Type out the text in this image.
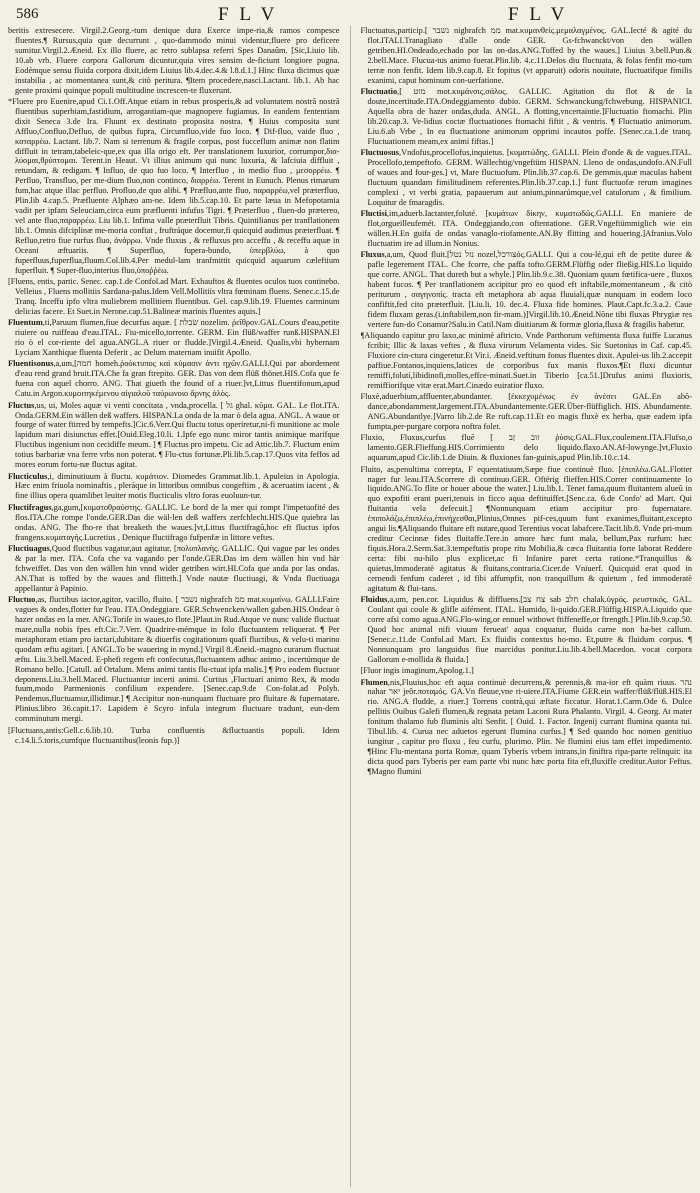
586	F L V	F L V

beritis extresecere. Virgil.2.Georg.-tum denique dura Exerce impe-ria,& ramos compesce fluentes.¶ Rursus,quia quæ decurrunt , quo-dammodo minui videntur,fluere pro deficere sumitur.Virgil.2.Æneid. Ex illo fluere, ac retro sublapsa referri Spes Danaûm. [Sic,Liuio lib. 10.ab vrb. Fluere corpora Gallorum dicuntur,quia vires sensim de-ficiunt longiore pugna. Eodémque sensu fluida corpora dixit,idem Liuius lib.4.dec.4.& l.8.d.1.] Hinc fluxa dicimus quæ instabilia , ac momentanea sunt,& citò peritura. ¶Item procedere,nasci.Lactant. lib.1. Ab hac gente proximi quinque populi multitudine increscen-te fluxerunt.

*Fluere pro Euenire,apud Ci.1.Off.Atque etiam in rebus prosperis,& ad voluntatem nostrã nostrã fluentibus superbiam,fastidium, arrogantiam-que magnopere fugiamus. In eandem fententiam dixit Seneca 3.de Ira. Fluunt ex destinato proposita nostra. ¶ Huius composita sunt Affluo,Confluo,Defluo, de quibus fupra, Circumfluo,vide fuo loco. ¶ Dif-fluo, vaide fluo , καταρρέω. Lactant. lib.7. Nam si terrenum & fragile corpus, post fucceflum animæ non flatim diffluit in tetram,tabeleic-que,ex qua illa origo eft. Per translationem luxurior, corrumpor,δια-λύομαι,θρύπτομαι. Terent.in Heaut. Vt illius animum qui nunc luxuria, & lafciuia diffluit , retundam, & redigam. ¶ Influo, de quo fuo loco. ¶ Interfluo , in medio fluo , μεσορρέω. ¶ Perfluo, Transfluo, per me-dium fluo,non continco, διαρρέω. Terent in Eunuch. Plenus rimarum fum,hac atque illac perfluo. Profluo,de quo alibi. ¶ Præfluo,ante fluo, παραρρέω,vel præterfluo, Plin.lib 4.cap.5. Præfluente Alphæo am-ne. Idem lib.5.cap.10. Et parte læua in Mefopotamia vadit per ipfam Seleuciam,circa eum præfluenti infufus Tigri. ¶ Præterfluo , fluen-do prætereo, vel ante fluo,παραρρέω. Liu lib.1. Infima valle præterfluit Tibris. Quintilianus per tranflationem lib.1. Omnis difciplinæ me-moria conftat , fruftráque docemur,fi quicquid audimus præterfluat. ¶ Refluo,retro fiue rurfus fluo, ἀνάρρω. Vnde fluxus , & refluxus pro acceffu , & receffu aquæ in Oceani æftuariis. ¶ Superfluo, fupera-bundo, ὑπερβλύω, à quo fuperfluus,fuperflua,fluum.Col.lib.4.Per medul-lam tranfmittit quicquid aquarum cæleftium fuperfluit. ¶ Super-fluo,interius fluo,ὑποῤῥέω.

[Fluens, entis, partic. Senec. cap.1.de Confol.ad Mart. Exhauftos & fluentes oculos tuos continebo. Velleius , Fluens mollitiis Sardana-palus.Idem Vell.Mollitiis vltra fœminam fluens. Senec.c.15.de Tranq. Inceffu ipfo vltra muliebrem mollitiem fluentibus. Gel. cap.9.lib.19. Fluentes carminum delicias facere. Et Suet.in Nerone.cap.51.Balineæ marinis fluentes aquis.]

Fluentum,ti,Paruum flumen,fiue decurfus aquæ. [ שׂבלת nozelim. ῥεῖθρον.GAL.Cours d'eau,petite riuiere ou ruiffeau d'eau.ITAL. Fiu-micello,torrente. GERM. Ein flüß/waffer runß.HISPAN.El rio ò el cor-riente del agua.ANGL.A riuer or fludde.]Virgil.4.Æneid. Qualis,vbi hybernam Lyciam Xanthique fluenta Deferit , ac Delum maternam inuifit Apollo.

Fluentisonus,a,um,[חמה homeh.ῥοόκτυπος καὶ κύμασιν ἀντι ηχῶν.GALLI.Qui par abordement d'eau rend grand bruit.ITA.Che fa gran ftrepito. GER. Das von dem flüß thönet.HIS.Cofa que fe fuena con aquel chorro. ANG. That giueth the found of a riuer.]vt,Littus fluentifonum,apud Catu.in Argon.κυμοιτηκέμενου αἰγιαλοῦ ταύρωνοιο ἄρνης ἁλὸς.

Fluctus,us, ui, Moles aquæ vi venti concitata , vnda,procella. [ גל ghal. κῦμα. GAL. Le flot.ITA. Onda.GERM.Ein wällen deß waffers. HISPAN.La onda de la mar ò dela agua. ANGL. A waue or fourge of water ftirred by tempefts.]Cic.6.Verr.Qui fluctu totus operiretur,ni-fi munitione ac mole lapidum mari disiunctus effet.[Ouid.Eleg.10.li. 1.Ipfe ego nunc miror tantis animique marifque Fluctibus ingenium non cecidiffe meum. ] ¶ Fluctus pro impetu. Cic ad Attic.lib.7. Fluctum enim totius barbariæ vna ferre vrbs non poterat. ¶ Flu-ctus fortunæ.Pli.lib.5.cap.17.Quos vita feffos ad mores eorum fortu-næ fluctus agitat.

Flucticulus,i, diminutiuum à fluctu. κυμάτιον. Diomedes Grammat.lib.1. Apuleius in Apologia. Hæc enim friuola nominaftis , pleráque in littoribus omnibus congeftim , & aceruatim iacent , & fine illius opera quamlibet leuiter motis flucticulis vltro foras euoluun-tur.

Fluctifragus,ga,gum,[κυματοθραύστης. GALLIC. Le bord de la mer qui rompt l'impetuofité des flos.ITA.Che rompe l'onde.GER.Das die wäl-len deß waffers zerfchlecht.HIS.Que quiebra las ondas. ANG. The fho-re that breaketh the waues.]vt,Littus fluctifragũ,hoc eft fluctus ipfos frangens.κυματαγής.Lucretius , Denique fluctifrago fufpenfæ in littore veftes.

Fluctiuagus,Quod fluctibus vagatur,aut agitatur. [πολυπλανὴς. GALLIC. Qui vague par les ondes & par la mer. ITA. Cofa che va vagando per l'onde.GER.Das im dem wällen hin vnd här fchweiffet. Das von den wällen hin vnnd wider getriben wirt.HI.Cofa que anda por las ondas. AN.That is toffed by the waues and flitteth.] Vnde nautæ fluctiuagi, & Vnda fluctiuaga appellantur à Papinio.

Fluctuo,as, fluctibus iactor,agitor, vacillo, fluito. [ נשבר nighrafch ממ mat.κυμαίνω. GALLI.Faire vagues & ondes,flotter fur l'eau. ITA.Ondeggiare. GER.Schwencken/wallen gaben.HIS.Ondear ò hazer ondas en la mer. ANG.Toriſe in waues,to flote.]Plaut.in Rud.Atque ve nunc valide fluctuat mare,nulla nobis fpes eft.Cic.7.Verr. Quadrire-mémque in folo fluctuantem reliquerat. ¶ Per metaphoram etiam pro iactari,dubitare & diuerfis cogitationum quafi fluctibus, & velu-ti marino quodam æftu agitari. [ ANGL.To be wauering in mynd.] Virgil 8.Æneid.-magno curarum fluctuat æftu. Liu.3.bell.Maced. E-phefi regem eft confecutus,fluctuantem adhuc animo , incertúmque de Romano bello. [Catull. ad Ortalum. Mens animi tantis flu-ctuat ipfa malis.] ¶ Pro eodem fluctuor deponens.Liu.3.bell.Maced. Fluctuantur incerti animi. Curtius ,Fluctuari animo Rex, & modo fuum,modo Parmenionis confilium expendere. [Senec.cap.9.de Con-folat.ad Polyb. Pendemus,fluctuamur,illidimur.] ¶ Accipitur non-nunquam fluctuare pro fluitare & fupernatare. Plinius.libro 36.capit.17. Lapidem è Scyro infula integrum fluctuare tradunt, eun-dem comminutum mergi.

[Fluctuans,antis:Gell.c.6.lib.10. Turba confluentis &fluctuantis populi. Idem c.14.li.5.toris,cumfque fluctuantibus(leonis fup.)]

Fluctuatus,particip.[ נשבר nighrafch ממ mat.κυμανθείς.μεμαλαγμένος. GAL.Iecté & agité du flot.ITALI.Tranagliato d'alle onde GER. Gs-fchwanckt/von den wällen getriben.HI.Ondeado,echado por las on-das.ANG.Toffed by the waues.] Liuius 3.bell.Pun.& 2.bell.Mace. Flucua-tus animo fuerat.Plin.lib. 4.c.11.Delos diu fluctuata, & folas fenfit mo-tum terræ non fenfit. Idem lib.9.cap.8. Et fopitus (vt apparuit) odoris nouitate, fluctuatifque fimilis exanimi, caput hominum con-uerfatione.

Fluctuatio,[ מוט mot.κυμάνσις,σάλος. GALLIC. Agitation du flot & de la doute,incertitude.ITA.Ondeggiamento dubio. GERM. Schwanckung/fchwebung. HISPANICI. Aquella obra de hazer ondas,duda. ANGL. A flotting,vncertaintie.]Fluctuatio ftomachi. Plin lib.20.cap.3. Ve-lidius coctæ fluctuationes ftomachi fiftit , & ventris. ¶ Fluctuatio animorum. Liu.6.ab Vrbe , In ea fluctuatione animorum opprimi incautos poffe. [Senec.ca.1.de tranq. Fluctuationem meam,ex animi fiftas.]

Fluctuosus,Vndofus,procellofus,inquietus. [κυματώδης. GALLI. Plein d'onde & de vagues.ITAL. Procellofo,tempeftofo. GERM. Wällechtig/vngeftüm HISPAN. Lleno de ondas,undofo.AN.Full of waues and four-ges.] vt, Mare fluctuofum. Plin.lib.37.cap.6. De gemmis,quæ maculas habent fluctuum quandam fimilitudinem referentes.Plin.lib.37.cap.1.] funt fluctuofæ rerum imagines complexi , vt verbi gratia, papauerum aut anium,pinnarúmque,vel catulorum , & fimilium. Loquitur de fmaragdis.

Fluctisi,im,aduerb.Iactanter,foluté. [κυμάτων δίκην, κυματωδῶς.GALLI. En maniere de flot,orgueilleufemét. ITA. Ondeggiando,con oftentatione. GER.Vngeftümmiglich wie ein wällen.H.En guifa de ondas vanaglo-riofamente.AN.By flitting and houering.]Afranius.Volo fluctuatim ire ad illum.in Nonius.

Fluxus,a,um, Quod fluit.[נזל נטל nozel,צורכלός.GALLI. Qui a cou-lé,qui eft de petite duree & pafle legerement ITAL. Che fcorre, che paffa tofto.GERM.Flüffig oder fließig.HIS.Lo liquido que corre. ANGL. That dureth but a whyle.] Plin.lib.9.c.38. Quoniam quum fœtifica-uere , fluxos habent fucos. ¶ Per tranflationem accipitur pro eo quod eft inftabile,momentaneum , & citò periturum , σαγηνοπίς. tracta eft metaphora ab aqua fluuiali,quæ nunquam in eodem loco confiftit,fed cito præterfluit. [Liu.li. 10. dec.4. Fluxa fide homines. Plaut.Capt.fc.3.a.2. Caue fidem fluxam geras.(i.inftabilem,non fir-mam.)]Virgil.lib.10.Æneid.Nõne tibi fluxas Phrygiæ res vertere fun-do Conamur?Salu.in Catil.Nam diuitiarum & formæ gloria,fluxa & fragilis habetur.

¶Aliquando capitur pro laxo,ac minimè aftricto. Vnde Parthorum veftimenta fluxa fuiffe Lucanus fcribit; Illic & laxas veftes , & fluxa virorum Velamenta vides. Sic Suetonius in Caf. cap.45. Fluxiore cin-ctura cingeretur.Et Vir.i. Æneid.veftitum fonus fluentes dixit. Apulei-us lib.2.accepit paffiue.Fontanos,inquiens,latices de corporibus fux manis fluxos.¶Et fluxi dicuntur remiffi,folutí,libidinofi,molles,effce-minati.Suet.in Tiberio [ca.51.]Drufus animi fluxioris, remiffiorifque vitæ erat.Mart.Cinædo euiratior fluxo.

Fluxè,aduerbium,affluenter,abundanter. [ἐκκεχυμένως ἐν ἀνέσει GAL.En abõ-dance,abondamment,largement.ITA.Abundantemente.GER.Über-flüffiglich. HIS. Abundamente. ANG.Abundantlye.]Varro lib.2.de Re ruft.cap.11.Et eo magis fluxè ex herba, quæ eadem ipfa fumpta,per-purgare corpora noftra folet.

Fluxio, Fluxus,curfus fluē [ זוב זַב ῥύσις.GAL.Flux,coulement.ITA.Flufso,o lamento.GER.Flieffung.HIS.Corrimiento delo liquido.flaxo.AN.Af-lowynge.]vt,Fluxio aquarum,apud Cic.lib.1.de Diuin. & fluxiones fan-guinis,apud Plin.lib.10.c.14.

Fluito, as,penultima correpta, F equentatiuum,Sæpe fiue continuè fluo. [ἐπιπλέω.GAL.Flotter nager fur leau.ITA.Scorrere di continuo.GER. Oftërig flieffen.HIS.Correr continuamente lo liquido.ANG.To flite or houer aboue the water.] Liu.lib.1. Tenet fama,quum fluitantem alueũ in quo expofiti erant pueri,tenuis in ficco aqua deftituiffet.[Senc.ca. 6.de Confo' ad Mart. Qui fluitantia vela defecuit.] ¶Nonnunquam etiam accipitur pro fupernatare. ἐπιπολάζω,ἐπιπλέω,ἐπινήχεσθαι,Plinius,Omnes pif-ces,quum funt exanimes,fluitant,excepto angui lis.¶Aliquando fluitare eft nutare,quod Terentius vocat labafcere.Tacit.lib.8. Vnde pri-mum creditur Cecinnæ fides fluitaffe.Tere.in amore hæc funt mala, bellum,Pax rurfum: hæc fiquis.Hora.2.Serm.Sat.3.tempeftatis prope ritu Mobilia,& cæca fluitantia forte laborat Reddere certa: fibi nu-hilo plus explicet,ac fi Infanire paret certa ratione.*Tranquillus & quietus,Immoderatè agitatus & fluitans,contraria.Cicer.de Vniuerf. Quicquid erat quod in cernendi fenfum caderet , id fibi affumpfit, non tranquillum & quietum , fed immoderatè agitatum & flui-tans.

Fluidus,a,um, pen.cor. Liquidus & diffluens.[צח צב sab חלב chalak.ὑγρός. ρευστικός. GAL. Coulant qui coule & glifle aifément. ITAL. Humido, li-quido.GER.Flüffig.HISP.A.Liquido que corre afsi como agua.ANG.Flo-wing,or ennuel withowt ftiffeneffe,or ftrength.] Plin.lib.9.cap.50. Quod hoc animal nifi viuum ferueat' aqua coquatur, fluida carne non ha-bet callum. [Senec.c.11.de Confol.ad Mart. Ex fluidis contextus ho-mo. Et,putre & fluidum corpus. ¶ Nonnunquam pro languidus fiue marcidus ponitur.Liu.lib.4.bell.Macedon. vocat corpora Gallorum e-mollida & fluida.]

[Fluor ingis imaginum,Apolog.1.]

Flumen,nis,Fluuius,hoc eft aqua continuè decurrens,& perennis,& ma-ior eft quàm riuus. נהר nahar יאר jeôr.ποταμός. GA.Vn fleuue,vne ri-uiere.ITA.Fiume GER.ein waffer/flüß/flüß.HIS.El rio. ANG.A fludde, a riuer.] Torrens contrà,qui æftate ficcatur. Horat.1.Carm.Ode 6. Dulce pellitis Ouibus Galefi flumen,& regnata petam Laconi Rura Phalanto. Virgil. 4. Georg. At mater fonitum thalamo fub fluminis alti Senfit. [ Ouid. 1. Factor. Ingenij currant flumina quanta tui. Tibul.lib. 4. Curua nec aduetos egerunt flumina curfus.] ¶ Sed quando hoc nomen genitiuo iungitur , capitur pro fluxu , feu curfu, plurimo. Plin. Ne flumini eius tam effet impedimento. ¶Hinc Flu-mentana porta Romæ, quam Tyberis vrbem intrans,in finiftra ripa-parte relinquit: ita dicta quod pars Tyberis per eam parte vbi nunc hæc porta fita eft,fluxiffe creditur.Autor Feftus. ¶Magno flumini
